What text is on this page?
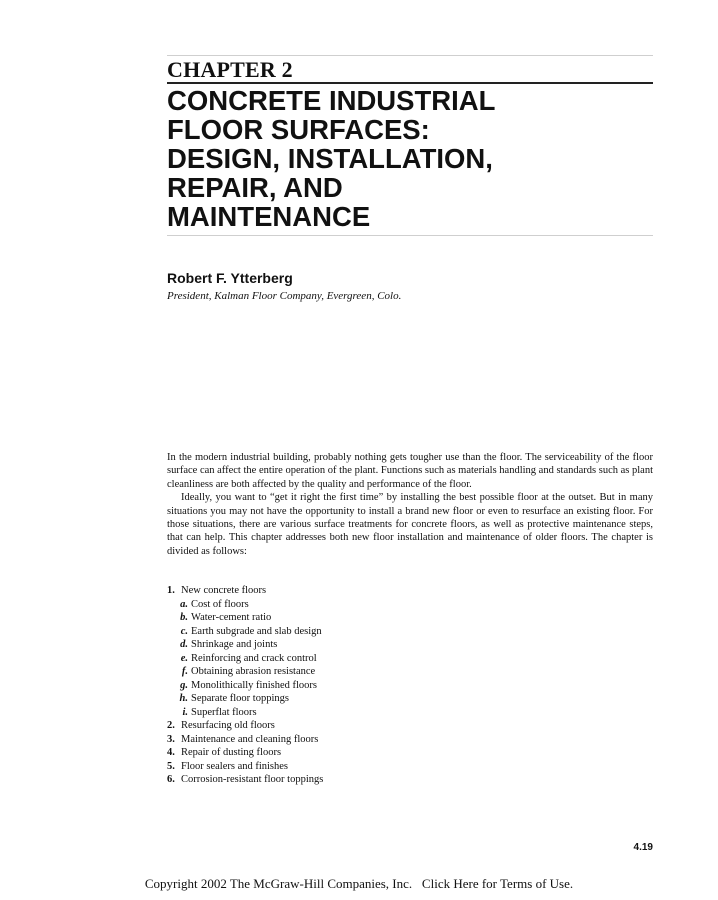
CHAPTER 2
CONCRETE INDUSTRIAL
FLOOR SURFACES:
DESIGN, INSTALLATION,
REPAIR, AND
MAINTENANCE
Robert F. Ytterberg
President, Kalman Floor Company, Evergreen, Colo.

In the modern industrial building, probably nothing gets tougher use than the floor. The serviceability of the floor surface can affect the entire operation of the plant. Functions such as materials handling and standards such as plant cleanliness are both affected by the quality and performance of the floor.

Ideally, you want to “get it right the first time” by installing the best possible floor at the outset. But in many situations you may not have the opportunity to install a brand new floor or even to resurface an existing floor. For those situations, there are various surface treatments for concrete floors, as well as protective maintenance steps, that can help. This chapter addresses both new floor installation and maintenance of older floors. The chapter is divided as follows:

1. New concrete floors
a. Cost of floors
b. Water-cement ratio
c. Earth subgrade and slab design
d. Shrinkage and joints
e. Reinforcing and crack control
f. Obtaining abrasion resistance
g. Monolithically finished floors
h. Separate floor toppings
i. Superflat floors
2. Resurfacing old floors
3. Maintenance and cleaning floors
4. Repair of dusting floors
5. Floor sealers and finishes
6. Corrosion-resistant floor toppings
4.19
Copyright 2002 The McGraw-Hill Companies, Inc. Click Here for Terms of Use.
